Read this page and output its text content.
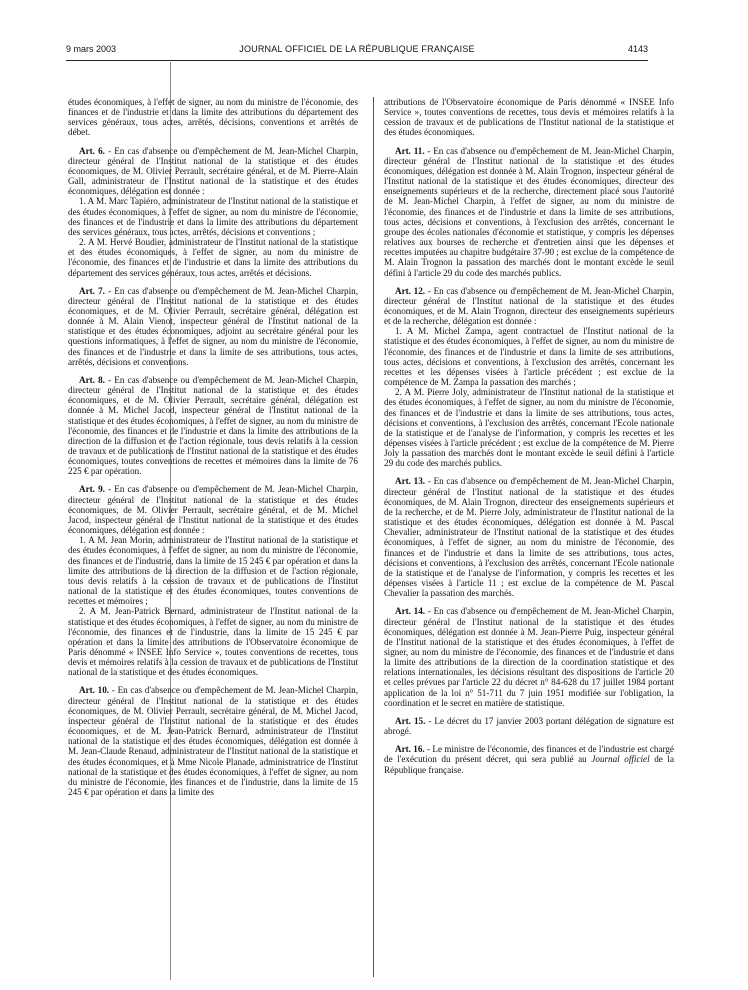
9 mars 2003	JOURNAL OFFICIEL DE LA RÉPUBLIQUE FRANÇAISE	4143

études économiques, à l'effet de signer, au nom du ministre de l'économie, des finances et de l'industrie et dans la limite des attributions du département des services généraux, tous actes, arrêtés, décisions, conventions et arrêtés de débet.

Art. 6. - En cas d'absence ou d'empêchement de M. Jean-Michel Charpin, directeur général de l'Institut national de la statistique et des études économiques, de M. Olivier Perrault, secrétaire général, et de M. Pierre-Alain Gall, administrateur de l'Institut national de la statistique et des études économiques, délégation est donnée :

1. A M. Marc Tapiéro, administrateur de l'Institut national de la statistique et des études économiques, à l'effet de signer, au nom du ministre de l'économie, des finances et de l'industrie et dans la limite des attributions du département des services généraux, tous actes, arrêtés, décisions et conventions ;

2. A M. Hervé Boudier, administrateur de l'Institut national de la statistique et des études économiques, à l'effet de signer, au nom du ministre de l'économie, des finances et de l'industrie et dans la limite des attributions du département des services généraux, tous actes, arrêtés et décisions.

Art. 7. - En cas d'absence ou d'empêchement de M. Jean-Michel Charpin, directeur général de l'Institut national de la statistique et des études économiques, et de M. Olivier Perrault, secrétaire général, délégation est donnée à M. Alain Vienot, inspecteur général de l'Institut national de la statistique et des études économiques, adjoint au secrétaire général pour les questions informatiques, à l'effet de signer, au nom du ministre de l'économie, des finances et de l'industrie et dans la limite de ses attributions, tous actes, arrêtés, décisions et conventions.

Art. 8. - En cas d'absence ou d'empêchement de M. Jean-Michel Charpin, directeur général de l'Institut national de la statistique et des études économiques, et de M. Olivier Perrault, secrétaire général, délégation est donnée à M. Michel Jacod, inspecteur général de l'Institut national de la statistique et des études économiques, à l'effet de signer, au nom du ministre de l'économie, des finances et de l'industrie et dans la limite des attributions de la direction de la diffusion et de l'action régionale, tous devis relatifs à la cession de travaux et de publications de l'Institut national de la statistique et des études économiques, toutes conventions de recettes et mémoires dans la limite de 76 225 € par opération.

Art. 9. - En cas d'absence ou d'empêchement de M. Jean-Michel Charpin, directeur général de l'Institut national de la statistique et des études économiques, de M. Olivier Perrault, secrétaire général, et de M. Michel Jacod, inspecteur général de l'Institut national de la statistique et des études économiques, délégation est donnée :

1. A M. Jean Morin, administrateur de l'Institut national de la statistique et des études économiques, à l'effet de signer, au nom du ministre de l'économie, des finances et de l'industrie, dans la limite de 15 245 € par opération et dans la limite des attributions de la direction de la diffusion et de l'action régionale, tous devis relatifs à la cession de travaux et de publications de l'Institut national de la statistique et des études économiques, toutes conventions de recettes et mémoires ;

2. A M. Jean-Patrick Bernard, administrateur de l'Institut national de la statistique et des études économiques, à l'effet de signer, au nom du ministre de l'économie, des finances et de l'industrie, dans la limite de 15 245 € par opération et dans la limite des attributions de l'Observatoire économique de Paris dénommé « INSEE Info Service », toutes conventions de recettes, tous devis et mémoires relatifs à la cession de travaux et de publications de l'Institut national de la statistique et des études économiques.

Art. 10. - En cas d'absence ou d'empêchement de M. Jean-Michel Charpin, directeur général de l'Institut national de la statistique et des études économiques, de M. Olivier Perrault, secrétaire général, de M. Michel Jacod, inspecteur général de l'Institut national de la statistique et des études économiques, et de M. Jean-Patrick Bernard, administrateur de l'Institut national de la statistique et des études économiques, délégation est donnée à M. Jean-Claude Renaud, administrateur de l'Institut national de la statistique et des études économiques, et à Mme Nicole Planade, administratrice de l'Institut national de la statistique et des études économiques, à l'effet de signer, au nom du ministre de l'économie, des finances et de l'industrie, dans la limite de 15 245 € par opération et dans la limite des

attributions de l'Observatoire économique de Paris dénommé « INSEE Info Service », toutes conventions de recettes, tous devis et mémoires relatifs à la cession de travaux et de publications de l'Institut national de la statistique et des études économiques.

Art. 11. - En cas d'absence ou d'empêchement de M. Jean-Michel Charpin, directeur général de l'Institut national de la statistique et des études économiques, délégation est donnée à M. Alain Trognon, inspecteur général de l'Institut national de la statistique et des études économiques, directeur des enseignements supérieurs et de la recherche, directement placé sous l'autorité de M. Jean-Michel Charpin, à l'effet de signer, au nom du ministre de l'économie, des finances et de l'industrie et dans la limite de ses attributions, tous actes, décisions et conventions, à l'exclusion des arrêtés, concernant le groupe des écoles nationales d'économie et statistique, y compris les dépenses relatives aux bourses de recherche et d'entretien ainsi que les dépenses et recettes imputées au chapitre budgétaire 37-90 ; est exclue de la compétence de M. Alain Trognon la passation des marchés dont le montant excède le seuil défini à l'article 29 du code des marchés publics.

Art. 12. - En cas d'absence ou d'empêchement de M. Jean-Michel Charpin, directeur général de l'Institut national de la statistique et des études économiques, et de M. Alain Trognon, directeur des enseignements supérieurs et de la recherche, délégation est donnée :

1. A M. Michel Zampa, agent contractuel de l'Institut national de la statistique et des études économiques, à l'effet de signer, au nom du ministre de l'économie, des finances et de l'industrie et dans la limite de ses attributions, tous actes, décisions et conventions, à l'exclusion des arrêtés, concernant les recettes et les dépenses visées à l'article précédent ; est exclue de la compétence de M. Zampa la passation des marchés ;

2. A M. Pierre Joly, administrateur de l'Institut national de la statistique et des études économiques, à l'effet de signer, au nom du ministre de l'économie, des finances et de l'industrie et dans la limite de ses attributions, tous actes, décisions et conventions, à l'exclusion des arrêtés, concernant l'Ecole nationale de la statistique et de l'analyse de l'information, y compris les recettes et les dépenses visées à l'article précédent ; est exclue de la compétence de M. Pierre Joly la passation des marchés dont le montant excède le seuil défini à l'article 29 du code des marchés publics.

Art. 13. - En cas d'absence ou d'empêchement de M. Jean-Michel Charpin, directeur général de l'Institut national de la statistique et des études économiques, de M. Alain Trognon, directeur des enseignements supérieurs et de la recherche, et de M. Pierre Joly, administrateur de l'Institut national de la statistique et des études économiques, délégation est donnée à M. Pascal Chevalier, administrateur de l'Institut national de la statistique et des études économiques, à l'effet de signer, au nom du ministre de l'économie, des finances et de l'industrie et dans la limite de ses attributions, tous actes, décisions et conventions, à l'exclusion des arrêtés, concernant l'Ecole nationale de la statistique et de l'analyse de l'information, y compris les recettes et les dépenses visées à l'article 11 ; est exclue de la compétence de M. Pascal Chevalier la passation des marchés.

Art. 14. - En cas d'absence ou d'empêchement de M. Jean-Michel Charpin, directeur général de l'Institut national de la statistique et des études économiques, délégation est donnée à M. Jean-Pierre Puig, inspecteur général de l'Institut national de la statistique et des études économiques, à l'effet de signer, au nom du ministre de l'économie, des finances et de l'industrie et dans la limite des attributions de la direction de la coordination statistique et des relations internationales, les décisions résultant des dispositions de l'article 20 et celles prévues par l'article 22 du décret n° 84-628 du 17 juillet 1984 portant application de la loi n° 51-711 du 7 juin 1951 modifiée sur l'obligation, la coordination et le secret en matière de statistique.

Art. 15. - Le décret du 17 janvier 2003 portant délégation de signature est abrogé.

Art. 16. - Le ministre de l'économie, des finances et de l'industrie est chargé de l'exécution du présent décret, qui sera publié au Journal officiel de la République française.
